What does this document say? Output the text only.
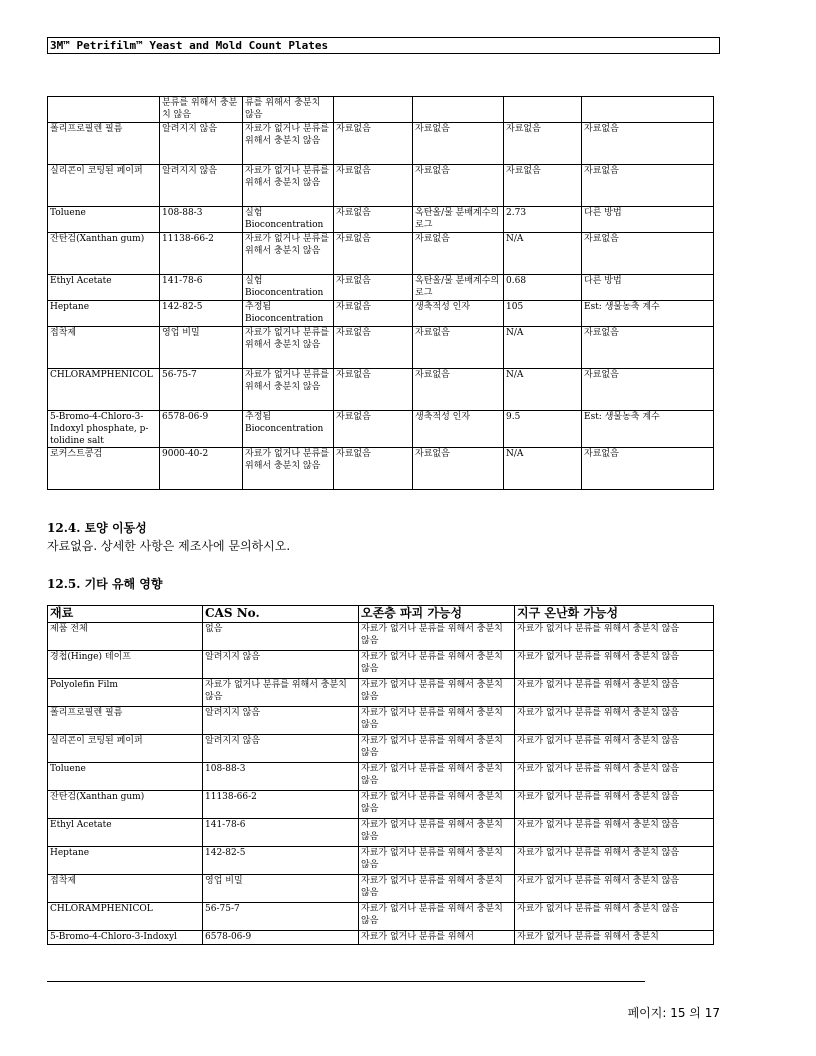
3M™ Petrifilm™ Yeast and Mold Count Plates
	분류를 위해서 충분치 않음	류를 위해서 충분치 않음				
폴리프로필렌 필름	알려지지 않음	자료가 없거나 분류를 위해서 충분치 않음	자료없음	자료없음	자료없음	자료없음
실리콘이 코팅된 페이퍼	알려지지 않음	자료가 없거나 분류를 위해서 충분치 않음	자료없음	자료없음	자료없음	자료없음
Toluene	108-88-3	실험 Bioconcentration	자료없음	옥탄올/물 분배계수의 로그	2.73	다른 방법
잔탄검(Xanthan gum)	11138-66-2	자료가 없거나 분류를 위해서 충분치 않음	자료없음	자료없음	N/A	자료없음
Ethyl Acetate	141-78-6	실험 Bioconcentration	자료없음	옥탄올/물 분배계수의 로그	0.68	다른 방법
Heptane	142-82-5	추정됨 Bioconcentration	자료없음	생축적성 인자	105	Est: 생물농축 계수
접착제	영업 비밀	자료가 없거나 분류를 위해서 충분치 않음	자료없음	자료없음	N/A	자료없음
CHLORAMPHENICOL	56-75-7	자료가 없거나 분류를 위해서 충분치 않음	자료없음	자료없음	N/A	자료없음
5-Bromo-4-Chloro-3-Indoxyl phosphate, p-tolidine salt	6578-06-9	추정됨 Bioconcentration	자료없음	생축적성 인자	9.5	Est: 생물농축 계수
로커스트콩검	9000-40-2	자료가 없거나 분류를 위해서 충분치 않음	자료없음	자료없음	N/A	자료없음
12.4. 토양 이동성
자료없음. 상세한 사항은 제조사에 문의하시오.
12.5. 기타 유해 영향
재료	CAS No.	오존층 파괴 가능성	지구 온난화 가능성
제품 전체	없음	자료가 없거나 분류를 위해서 충분치 않음	자료가 없거나 분류를 위해서 충분치 않음
경첩(Hinge) 테이프	알려지지 않음	자료가 없거나 분류를 위해서 충분치 않음	자료가 없거나 분류를 위해서 충분치 않음
Polyolefin Film	자료가 없거나 분류를 위해서 충분치 않음	자료가 없거나 분류를 위해서 충분치 않음	자료가 없거나 분류를 위해서 충분치 않음
폴리프로필렌 필름	알려지지 않음	자료가 없거나 분류를 위해서 충분치 않음	자료가 없거나 분류를 위해서 충분치 않음
실리콘이 코팅된 페이퍼	알려지지 않음	자료가 없거나 분류를 위해서 충분치 않음	자료가 없거나 분류를 위해서 충분치 않음
Toluene	108-88-3	자료가 없거나 분류를 위해서 충분치 않음	자료가 없거나 분류를 위해서 충분치 않음
잔탄검(Xanthan gum)	11138-66-2	자료가 없거나 분류를 위해서 충분치 않음	자료가 없거나 분류를 위해서 충분치 않음
Ethyl Acetate	141-78-6	자료가 없거나 분류를 위해서 충분치 않음	자료가 없거나 분류를 위해서 충분치 않음
Heptane	142-82-5	자료가 없거나 분류를 위해서 충분치 않음	자료가 없거나 분류를 위해서 충분치 않음
접착제	영업 비밀	자료가 없거나 분류를 위해서 충분치 않음	자료가 없거나 분류를 위해서 충분치 않음
CHLORAMPHENICOL	56-75-7	자료가 없거나 분류를 위해서 충분치 않음	자료가 없거나 분류를 위해서 충분치 않음
5-Bromo-4-Chloro-3-Indoxyl	6578-06-9	자료가 없거나 분류를 위해서	자료가 없거나 분류를 위해서 충분치
페이지: 15 의 17
